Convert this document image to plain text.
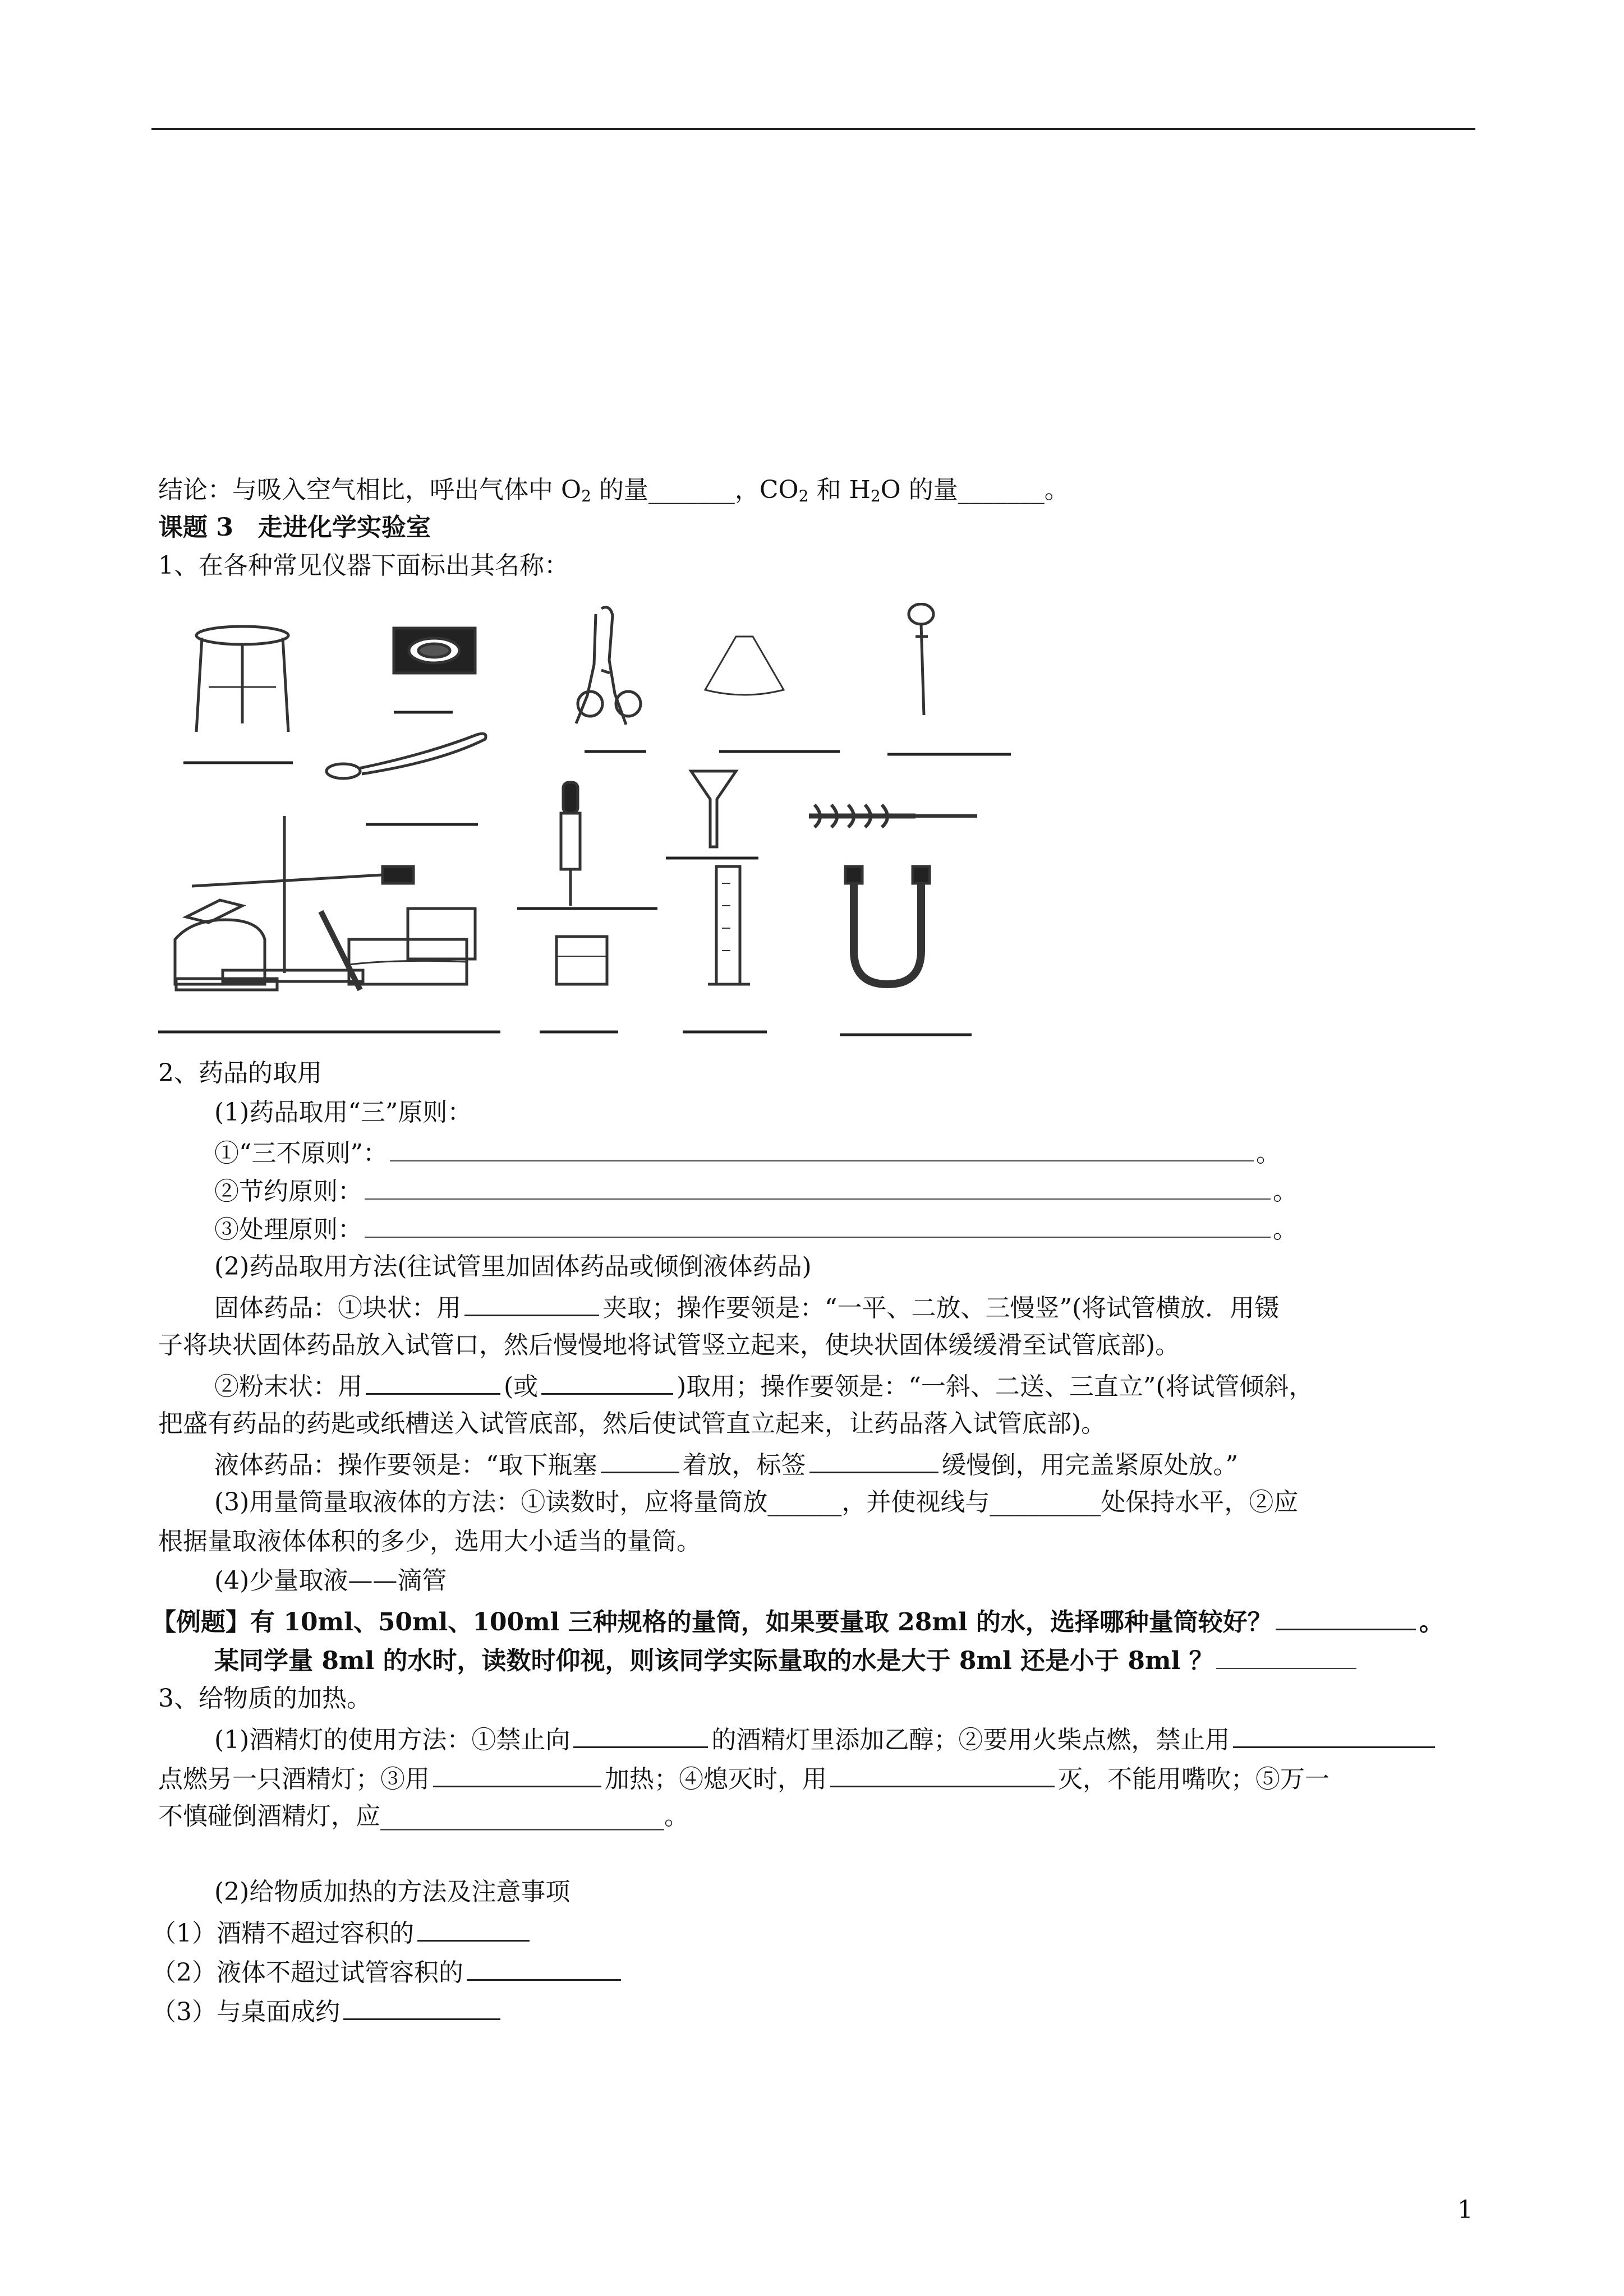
结论：与吸入空气相比，呼出气体中 $O_2$ 的量_______，$CO_2$ 和 $H_2O$ 的量_______。
课题 3　走进化学实验室
1、在各种常见仪器下面标出其名称：
2、药品的取用
(1)药品取用“三”原则：
①“三不原则”：	。
②节约原则：	。
③处理原则：	。
(2)药品取用方法(往试管里加固体药品或倾倒液体药品)
固体药品：①块状：用	夹取；操作要领是：“一平、二放、三慢竖”(将试管横放．用镊
子将块状固体药品放入试管口，然后慢慢地将试管竖立起来，使块状固体缓缓滑至试管底部)。
②粉末状：用	(或	)取用；操作要领是：“一斜、二送、三直立”(将试管倾斜，
把盛有药品的药匙或纸槽送入试管底部，然后使试管直立起来，让药品落入试管底部)。
液体药品：操作要领是：“取下瓶塞	着放，标签	缓慢倒，用完盖紧原处放。”
(3)用量筒量取液体的方法：①读数时，应将量筒放______，并使视线与_________处保持水平，②应
根据量取液体体积的多少，选用大小适当的量筒。
(4)少量取液——滴管
【例题】有 10ml、50ml、100ml 三种规格的量筒，如果要量取 28ml 的水，选择哪种量筒较好？	。
某同学量 8ml 的水时，读数时仰视，则该同学实际量取的水是大于 8ml 还是小于 8ml ？
3、给物质的加热。
(1)酒精灯的使用方法：①禁止向	的酒精灯里添加乙醇；②要用火柴点燃，禁止用
点燃另一只酒精灯；③用	加热；④熄灭时，用	灭，不能用嘴吹；⑤万一
不慎碰倒酒精灯，应_______________________。
(2)给物质加热的方法及注意事项
（1）酒精不超过容积的
（2）液体不超过试管容积的
（3）与桌面成约
1
